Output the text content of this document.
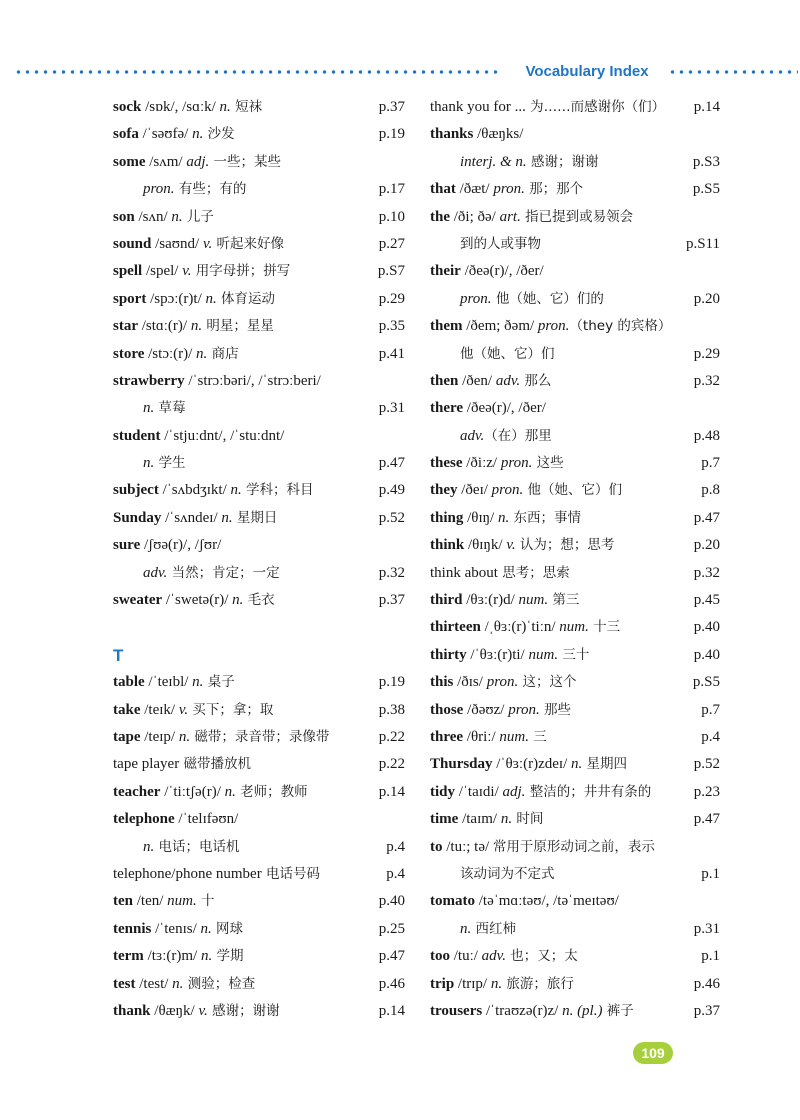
Vocabulary Index
sock /sɒk/, /sɑːk/ n. 短袜	p.37
sofa /ˈsəʊfə/ n. 沙发	p.19
some /sʌm/ adj. 一些；某些
pron. 有些；有的	p.17
son /sʌn/ n. 儿子	p.10
sound /saʊnd/ v. 听起来好像	p.27
spell /spel/ v. 用字母拼；拼写	p.S7
sport /spɔː(r)t/ n. 体育运动	p.29
star /stɑː(r)/ n. 明星；星星	p.35
store /stɔː(r)/ n. 商店	p.41
strawberry /ˈstrɔːbəri/, /ˈstrɔːberi/
n. 草莓	p.31
student /ˈstjuːdnt/, /ˈstuːdnt/
n. 学生	p.47
subject /ˈsʌbdʒɪkt/ n. 学科；科目	p.49
Sunday /ˈsʌndeɪ/ n. 星期日	p.52
sure /ʃʊə(r)/, /ʃʊr/
adv. 当然；肯定；一定	p.32
sweater /ˈswetə(r)/ n. 毛衣	p.37
T
table /ˈteɪbl/ n. 桌子	p.19
take /teɪk/ v. 买下；拿；取	p.38
tape /teɪp/ n. 磁带；录音带；录像带	p.22
tape player 磁带播放机	p.22
teacher /ˈtiːtʃə(r)/ n. 老师；教师	p.14
telephone /ˈtelɪfəʊn/
n. 电话；电话机	p.4
telephone/phone number 电话号码	p.4
ten /ten/ num. 十	p.40
tennis /ˈtenɪs/ n. 网球	p.25
term /tɜː(r)m/ n. 学期	p.47
test /test/ n. 测验；检查	p.46
thank /θæŋk/ v. 感谢；谢谢	p.14
thank you for ... 为……而感谢你（们） p.14
thanks /θæŋks/
interj. & n. 感谢；谢谢	p.S3
that /ðæt/ pron. 那；那个	p.S5
the /ði; ðə/ art. 指已提到或易领会
到的人或事物	p.S11
their /ðeə(r)/, /ðer/
pron. 他（她、它）们的	p.20
them /ðem; ðəm/ pron.（they 的宾格）
他（她、它）们	p.29
then /ðen/ adv. 那么	p.32
there /ðeə(r)/, /ðer/
adv.（在）那里	p.48
these /ðiːz/ pron. 这些	p.7
they /ðeɪ/ pron. 他（她、它）们	p.8
thing /θɪŋ/ n. 东西；事情	p.47
think /θɪŋk/ v. 认为；想；思考	p.20
think about 思考；思索	p.32
third /θɜː(r)d/ num. 第三	p.45
thirteen /ˌθɜː(r)ˈtiːn/ num. 十三	p.40
thirty /ˈθɜː(r)ti/ num. 三十	p.40
this /ðɪs/ pron. 这；这个	p.S5
those /ðəʊz/ pron. 那些	p.7
three /θriː/ num. 三	p.4
Thursday /ˈθɜː(r)zdeɪ/ n. 星期四	p.52
tidy /ˈtaɪdi/ adj. 整洁的；井井有条的	p.23
time /taɪm/ n. 时间	p.47
to /tuː; tə/ 常用于原形动词之前，表示
该动词为不定式	p.1
tomato /təˈmɑːtəʊ/, /təˈmeɪtəʊ/
n. 西红柿	p.31
too /tuː/ adv. 也；又；太	p.1
trip /trɪp/ n. 旅游；旅行	p.46
trousers /ˈtraʊzə(r)z/ n. (pl.) 裤子	p.37
109
